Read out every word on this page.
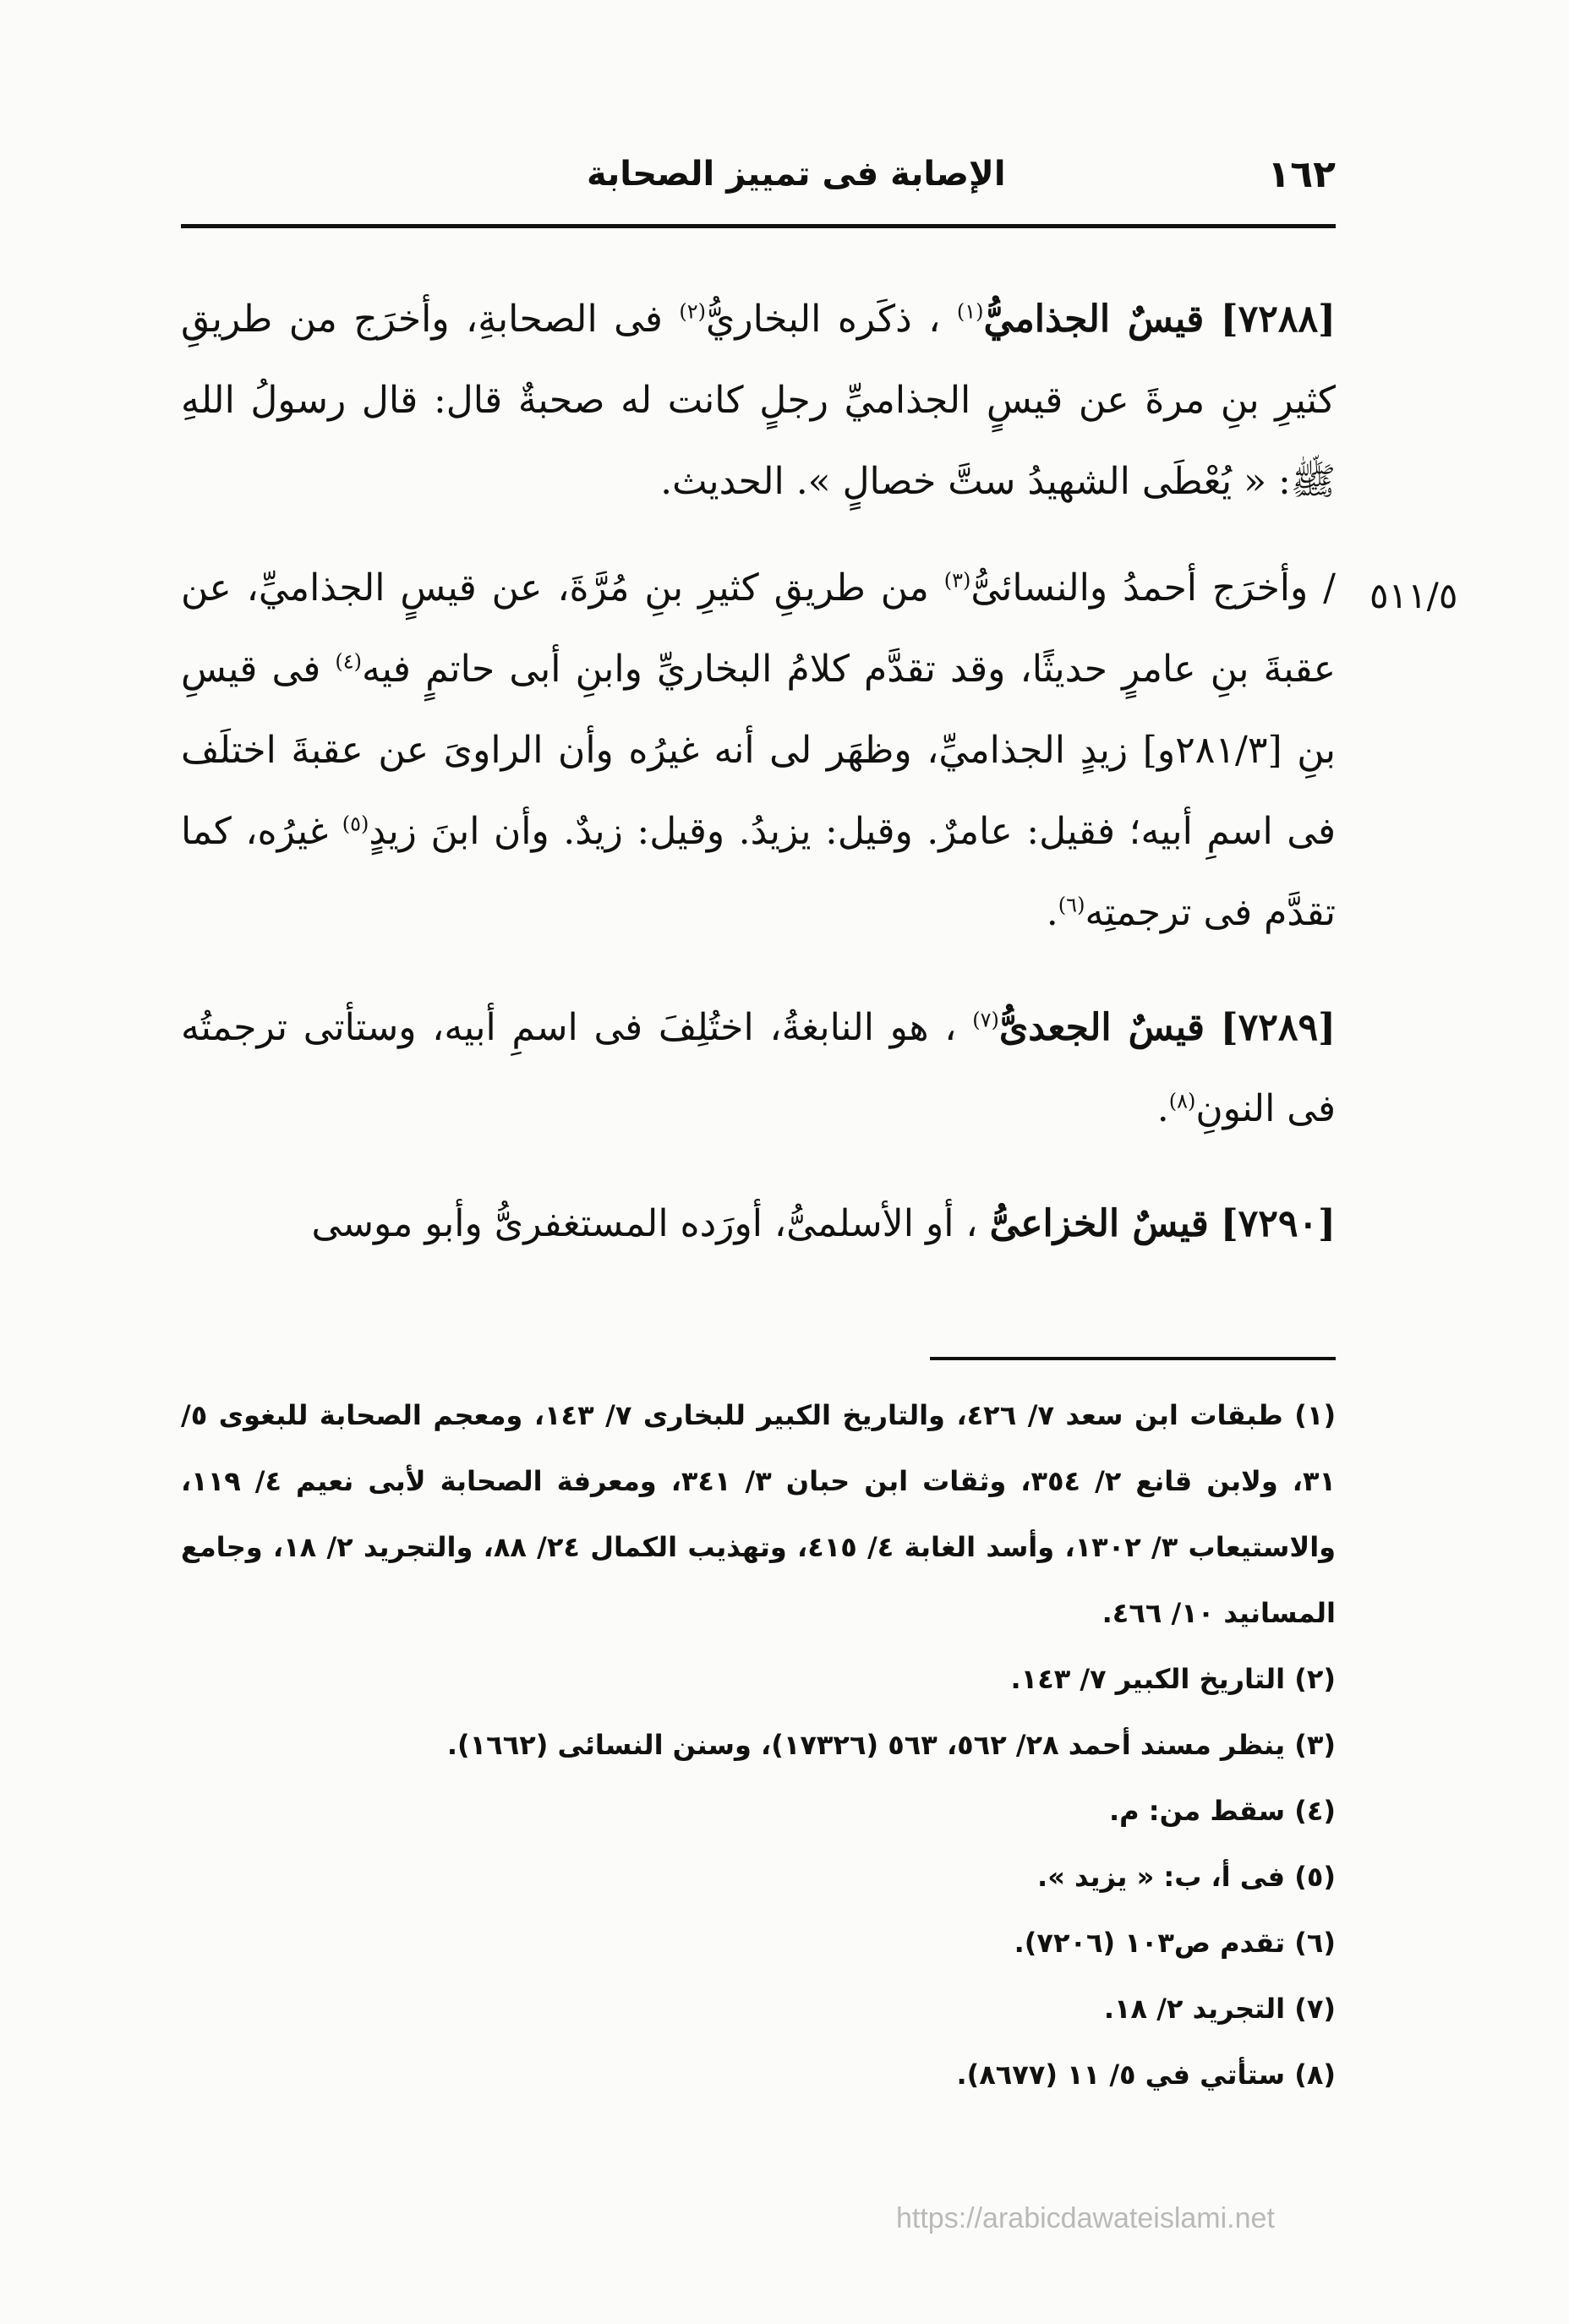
١٦٢
الإصابة فى تمييز الصحابة
٥١١/٥

[٧٢٨٨] قيسٌ الجذاميُّ$^{(١)}$ ، ذكَره البخاريُّ$^{(٢)}$ فى الصحابةِ، وأخرَج من طريقِ كثيرِ بنِ مرةَ عن قيسٍ الجذاميِّ رجلٍ كانت له صحبةٌ قال: قال رسولُ اللهِ ﷺ: « يُعْطَى الشهيدُ ستَّ خصالٍ ». الحديث.

/ وأخرَج أحمدُ والنسائىُّ$^{(٣)}$ من طريقِ كثيرِ بنِ مُرَّةَ، عن قيسٍ الجذاميِّ، عن عقبةَ بنِ عامرٍ حديثًا، وقد تقدَّم كلامُ البخاريِّ وابنِ أبى حاتمٍ فيه$^{(٤)}$ فى قيسِ بنِ [٢٨١/٣و] زيدٍ الجذاميِّ، وظهَر لى أنه غيرُه وأن الراوىَ عن عقبةَ اختلَف فى اسمِ أبيه؛ فقيل: عامرٌ. وقيل: يزيدُ. وقيل: زيدٌ. وأن ابنَ زيدٍ$^{(٥)}$ غيرُه، كما تقدَّم فى ترجمتِه$^{(٦)}$.

[٧٢٨٩] قيسٌ الجعدىُّ$^{(٧)}$ ، هو النابغةُ، اختُلِفَ فى اسمِ أبيه، وستأتى ترجمتُه فى النونِ$^{(٨)}$.

[٧٢٩٠] قيسٌ الخزاعىُّ ، أو الأسلمىُّ، أورَده المستغفرىُّ وأبو موسى

(١) طبقات ابن سعد ٧/ ٤٢٦، والتاريخ الكبير للبخارى ٧/ ١٤٣، ومعجم الصحابة للبغوى ٥/ ٣١، ولابن قانع ٢/ ٣٥٤، وثقات ابن حبان ٣/ ٣٤١، ومعرفة الصحابة لأبى نعيم ٤/ ١١٩، والاستيعاب ٣/ ١٣٠٢، وأسد الغابة ٤/ ٤١٥، وتهذيب الكمال ٢٤/ ٨٨، والتجريد ٢/ ١٨، وجامع المسانيد ١٠/ ٤٦٦.

(٢) التاريخ الكبير ٧/ ١٤٣.

(٣) ينظر مسند أحمد ٢٨/ ٥٦٢، ٥٦٣ (١٧٣٢٦)، وسنن النسائى (١٦٦٢).

(٤) سقط من: م.

(٥) فى أ، ب: « يزيد ».

(٦) تقدم ص١٠٣ (٧٢٠٦).

(٧) التجريد ٢/ ١٨.

(٨) ستأتي في ٥/ ١١ (٨٦٧٧).

https://arabicdawateislami.net
